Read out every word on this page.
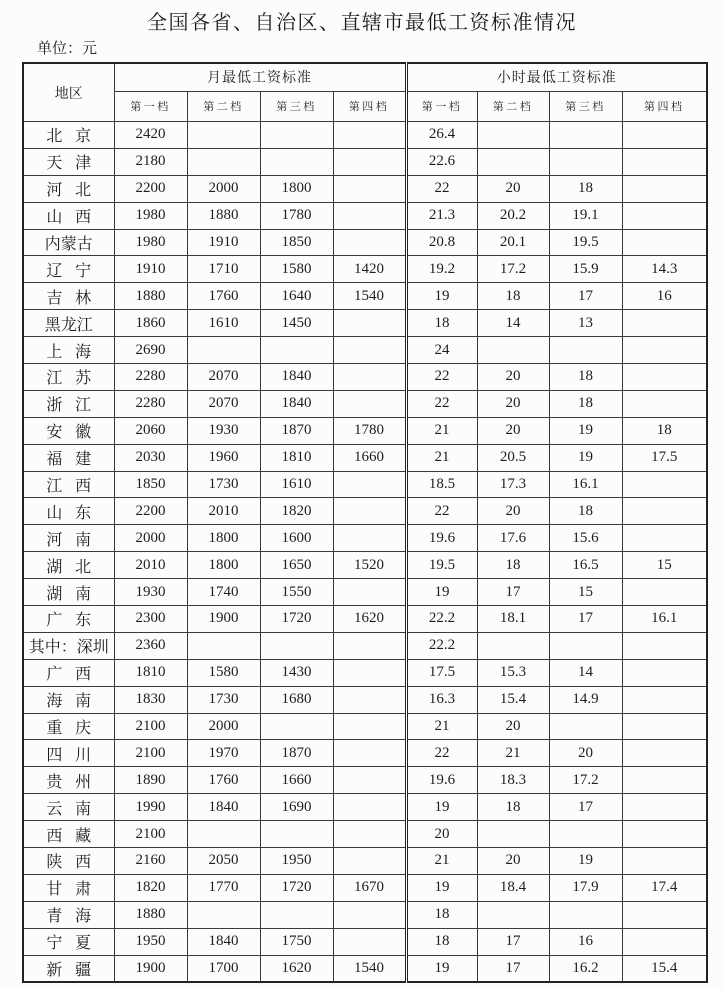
全国各省、自治区、直辖市最低工资标准情况
单位：元
地区	月最低工资标准				小时最低工资标准			
	第一档	第二档	第三档	第四档	第一档	第二档	第三档	第四档
北 京	2420				26.4			
天 津	2180				22.6			
河 北	2200	2000	1800		22	20	18	
山 西	1980	1880	1780		21.3	20.2	19.1	
内蒙古	1980	1910	1850		20.8	20.1	19.5	
辽 宁	1910	1710	1580	1420	19.2	17.2	15.9	14.3
吉 林	1880	1760	1640	1540	19	18	17	16
黑龙江	1860	1610	1450		18	14	13	
上 海	2690				24			
江 苏	2280	2070	1840		22	20	18	
浙 江	2280	2070	1840		22	20	18	
安 徽	2060	1930	1870	1780	21	20	19	18
福 建	2030	1960	1810	1660	21	20.5	19	17.5
江 西	1850	1730	1610		18.5	17.3	16.1	
山 东	2200	2010	1820		22	20	18	
河 南	2000	1800	1600		19.6	17.6	15.6	
湖 北	2010	1800	1650	1520	19.5	18	16.5	15
湖 南	1930	1740	1550		19	17	15	
广 东	2300	1900	1720	1620	22.2	18.1	17	16.1
其中：深圳	2360				22.2			
广 西	1810	1580	1430		17.5	15.3	14	
海 南	1830	1730	1680		16.3	15.4	14.9	
重 庆	2100	2000			21	20		
四 川	2100	1970	1870		22	21	20	
贵 州	1890	1760	1660		19.6	18.3	17.2	
云 南	1990	1840	1690		19	18	17	
西 藏	2100				20			
陕 西	2160	2050	1950		21	20	19	
甘 肃	1820	1770	1720	1670	19	18.4	17.9	17.4
青 海	1880				18			
宁 夏	1950	1840	1750		18	17	16	
新 疆	1900	1700	1620	1540	19	17	16.2	15.4
